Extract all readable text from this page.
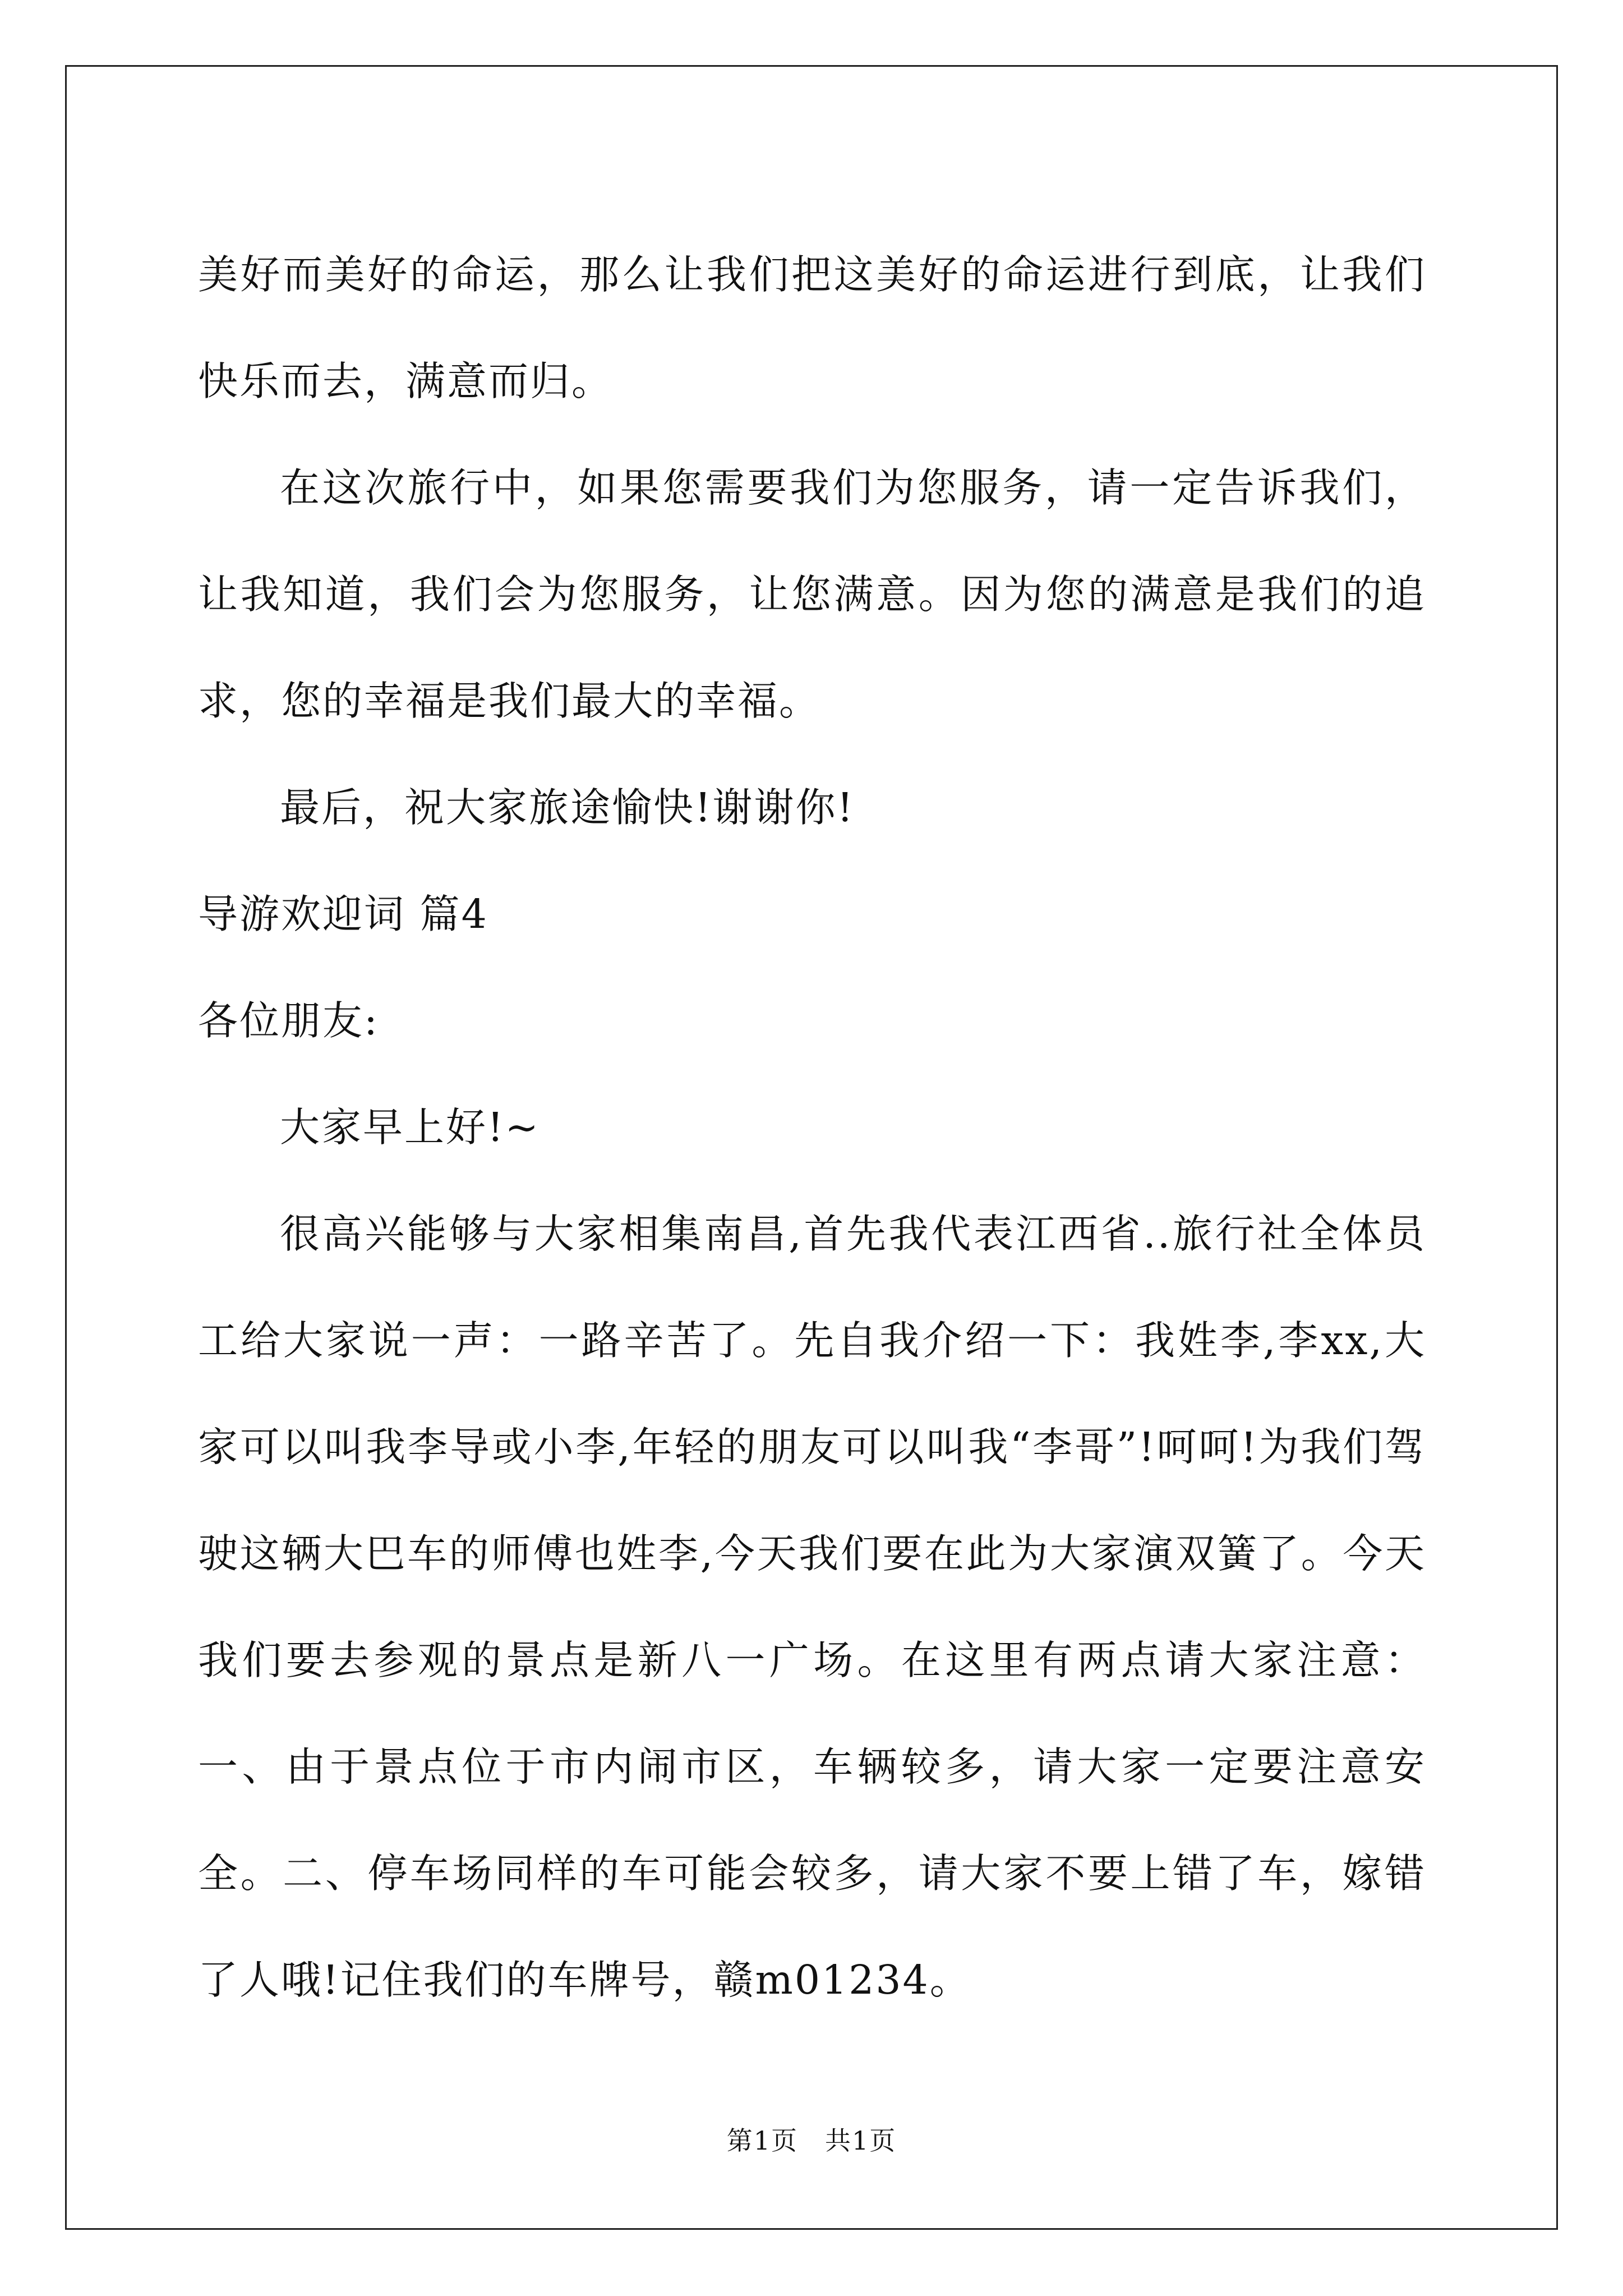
美好而美好的命运，那么让我们把这美好的命运进行到底，让我们快乐而去，满意而归。

在这次旅行中，如果您需要我们为您服务，请一定告诉我们，让我知道，我们会为您服务，让您满意。因为您的满意是我们的追求，您的幸福是我们最大的幸福。

最后，祝大家旅途愉快!谢谢你!

导游欢迎词 篇4

各位朋友:

大家早上好!~

很高兴能够与大家相集南昌,首先我代表江西省..旅行社全体员工给大家说一声：一路辛苦了。先自我介绍一下：我姓李,李xx,大家可以叫我李导或小李,年轻的朋友可以叫我“李哥”!呵呵!为我们驾驶这辆大巴车的师傅也姓李,今天我们要在此为大家演双簧了。今天我们要去参观的景点是新八一广场。在这里有两点请大家注意：一、由于景点位于市内闹市区，车辆较多，请大家一定要注意安全。二、停车场同样的车可能会较多，请大家不要上错了车，嫁错了人哦!记住我们的车牌号，赣m01234。

第1页　共1页
